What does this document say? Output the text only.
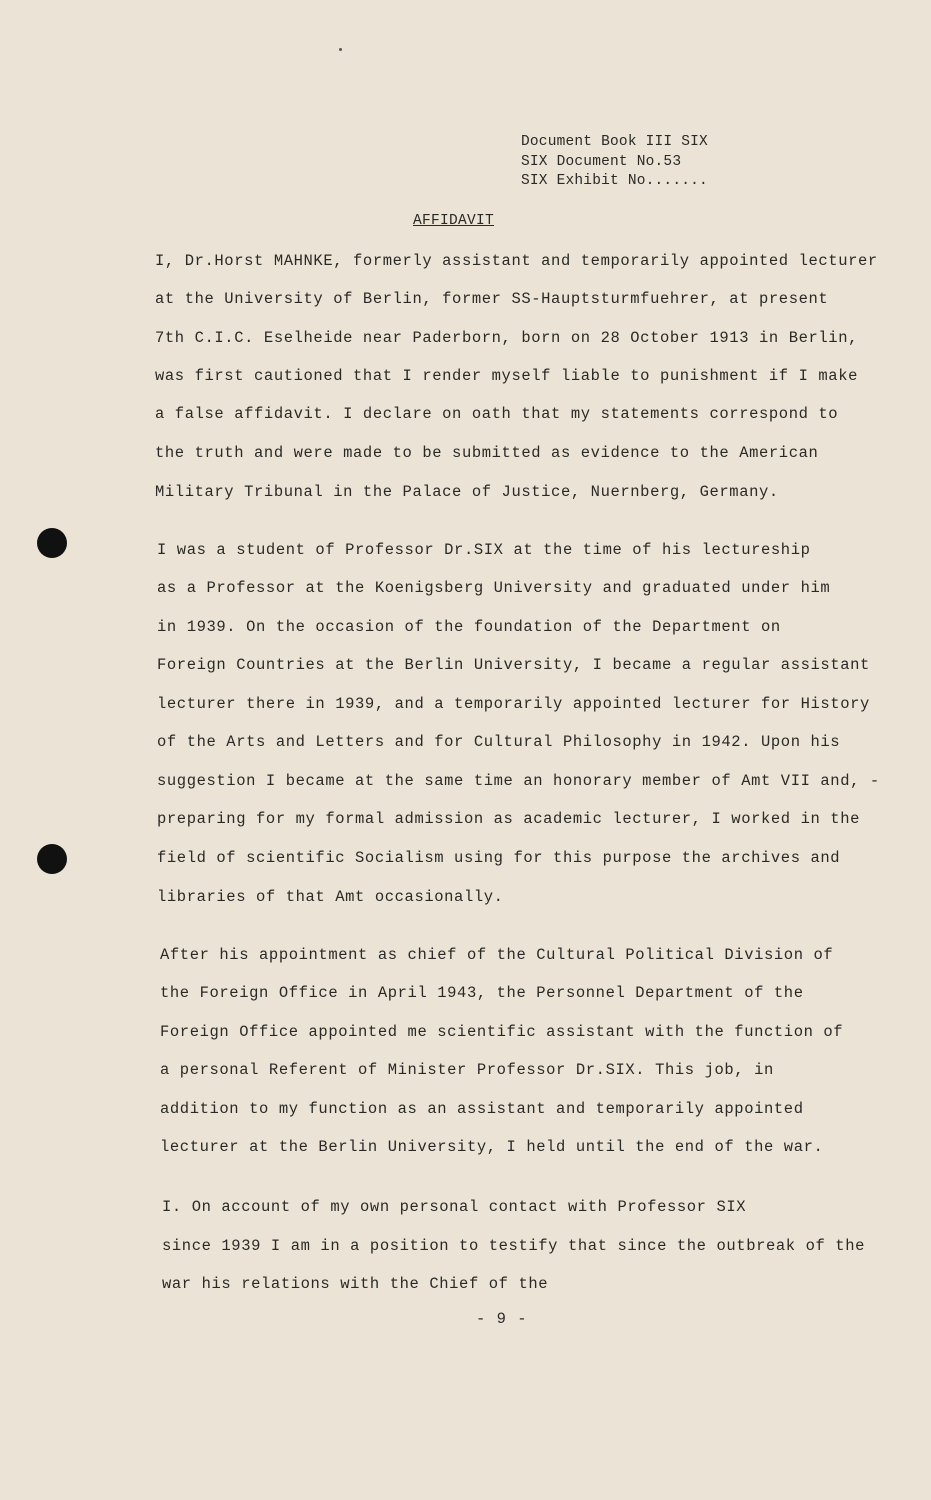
Document Book III SIX
SIX Document No.53
SIX Exhibit No.......
AFFIDAVIT
I, Dr.Horst MAHNKE, formerly assistant and temporarily appointed lecturer
at the University of Berlin, former SS-Hauptsturmfuehrer, at present
7th C.I.C. Eselheide near Paderborn, born on 28 October 1913 in Berlin,
was first cautioned that I render myself liable to punishment if I make
a false affidavit. I declare on oath that my statements correspond to
the truth and were made to be submitted as evidence to the American
Military Tribunal in the Palace of Justice, Nuernberg, Germany.
I was a student of Professor Dr.SIX at the time of his lectureship
as a Professor at the Koenigsberg University and graduated under him
in 1939. On the occasion of the foundation of the Department on
Foreign Countries at the Berlin University, I became a regular assistant
lecturer there in 1939, and a temporarily appointed lecturer for History
of the Arts and Letters and for Cultural Philosophy in 1942. Upon his
suggestion I became at the same time an honorary member of Amt VII and, -
preparing for my formal admission as academic lecturer, I worked in the
field of scientific Socialism using for this purpose the archives and
libraries of that Amt occasionally.
After his appointment as chief of the Cultural Political Division of
the Foreign Office in April 1943, the Personnel Department of the
Foreign Office appointed me scientific assistant with the function of
a personal Referent of Minister Professor Dr.SIX. This job, in
addition to my function as an assistant and temporarily appointed
lecturer at the Berlin University, I held until the end of the war.
I. On account of my own personal contact with Professor SIX
since 1939 I am in a position to testify that since the outbreak of the
war his relations with the Chief of the
- 9 -
